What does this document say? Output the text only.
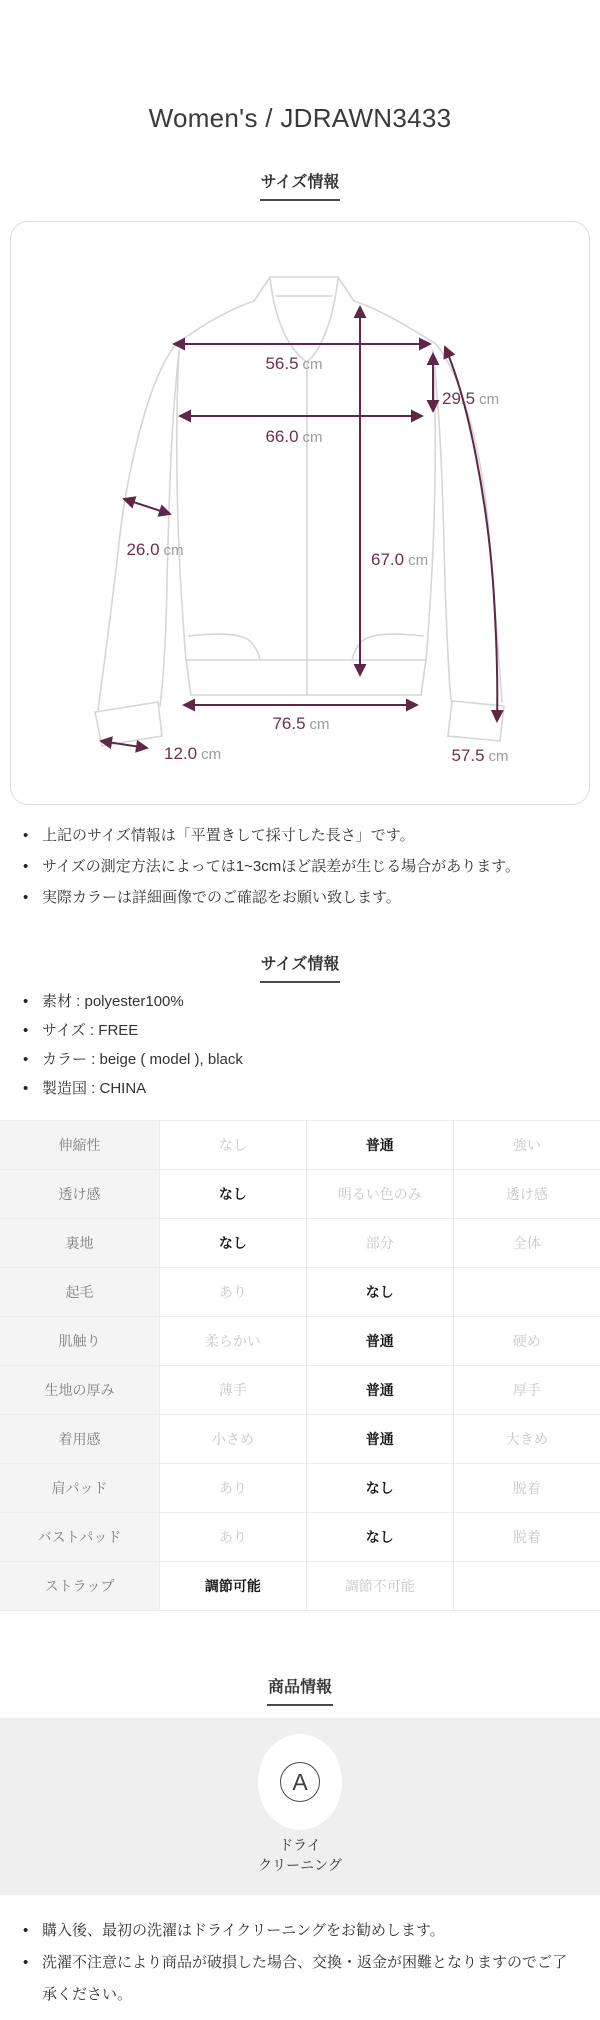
Women's / JDRAWN3433
サイズ情報
56.5 cm
66.0 cm
67.0 cm
29.5 cm
26.0 cm
76.5 cm
12.0 cm	57.5 cm
• 上記のサイズ情報は「平置きして採寸した長さ」です。
• サイズの測定方法によっては1~3cmほど誤差が生じる場合があります。
• 実際カラーは詳細画像でのご確認をお願い致します。
サイズ情報
• 素材 : polyester100%
• サイズ : FREE
• カラー : beige ( model ), black
• 製造国 : CHINA
伸縮性	なし	普通	強い
透け感	なし	明るい色のみ	透け感
裏地	なし	部分	全体
起毛	あり	なし	
肌触り	柔らかい	普通	硬め
生地の厚み	薄手	普通	厚手
着用感	小さめ	普通	大きめ
肩パッド	あり	なし	脱着
バストパッド	あり	なし	脱着
ストラップ	調節可能	調節不可能	
商品情報
A
ドライ
クリーニング
• 購入後、最初の洗濯はドライクリーニングをお勧めします。
• 洗濯不注意により商品が破損した場合、交換・返金が困難となりますのでご了承ください。
